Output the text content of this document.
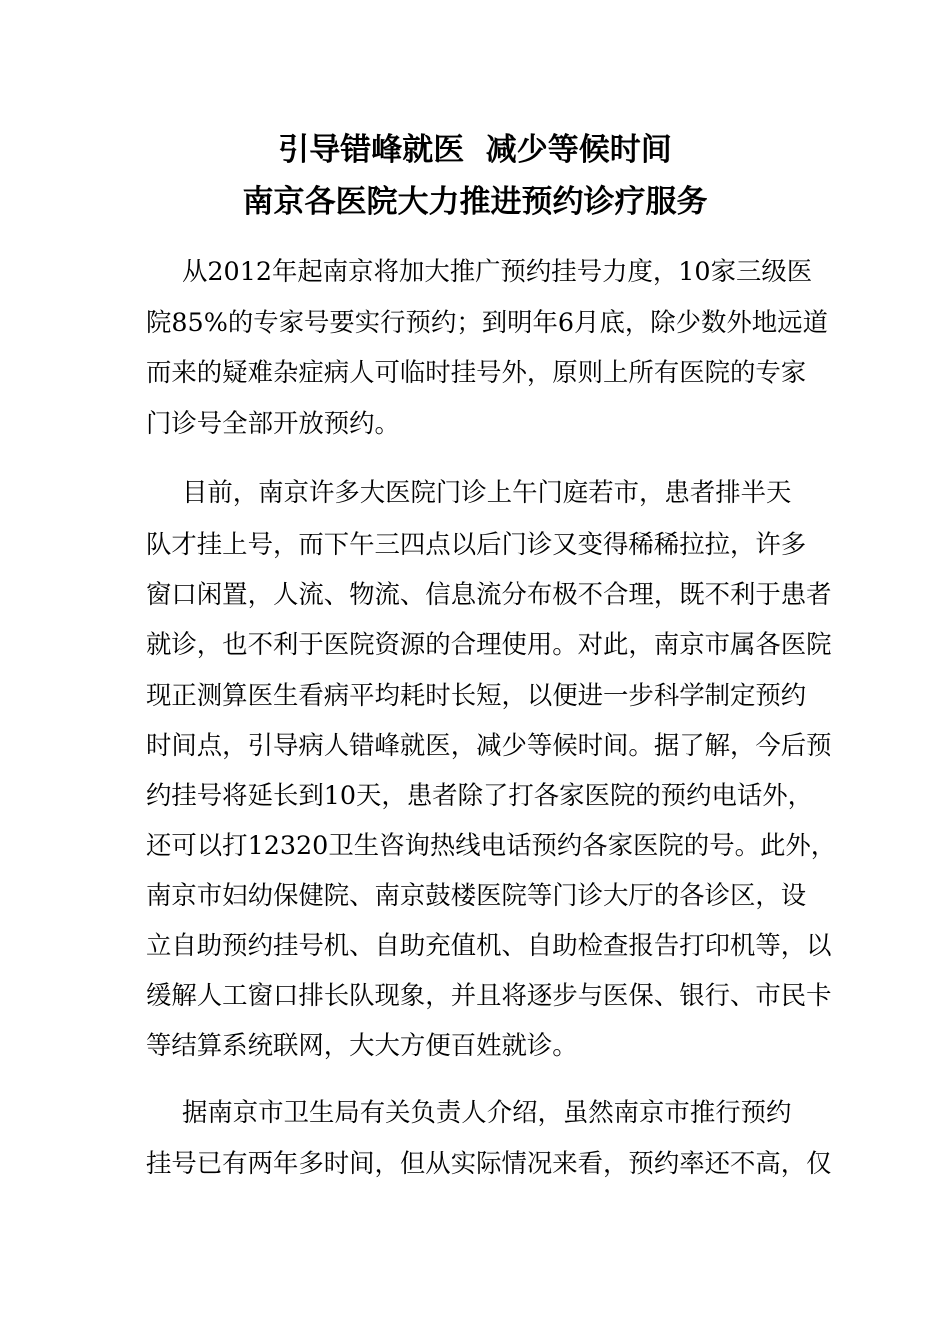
引导错峰就医  减少等候时间
南京各医院大力推进预约诊疗服务
从2012年起南京将加大推广预约挂号力度，10家三级医
院85%的专家号要实行预约；到明年6月底，除少数外地远道
而来的疑难杂症病人可临时挂号外，原则上所有医院的专家
门诊号全部开放预约。
目前，南京许多大医院门诊上午门庭若市，患者排半天
队才挂上号，而下午三四点以后门诊又变得稀稀拉拉，许多
窗口闲置，人流、物流、信息流分布极不合理，既不利于患者
就诊，也不利于医院资源的合理使用。对此，南京市属各医院
现正测算医生看病平均耗时长短，以便进一步科学制定预约
时间点，引导病人错峰就医，减少等候时间。据了解，今后预
约挂号将延长到10天，患者除了打各家医院的预约电话外，
还可以打12320卫生咨询热线电话预约各家医院的号。此外，
南京市妇幼保健院、南京鼓楼医院等门诊大厅的各诊区，设
立自助预约挂号机、自助充值机、自助检查报告打印机等，以
缓解人工窗口排长队现象，并且将逐步与医保、银行、市民卡
等结算系统联网，大大方便百姓就诊。
据南京市卫生局有关负责人介绍，虽然南京市推行预约
挂号已有两年多时间，但从实际情况来看，预约率还不高，仅
